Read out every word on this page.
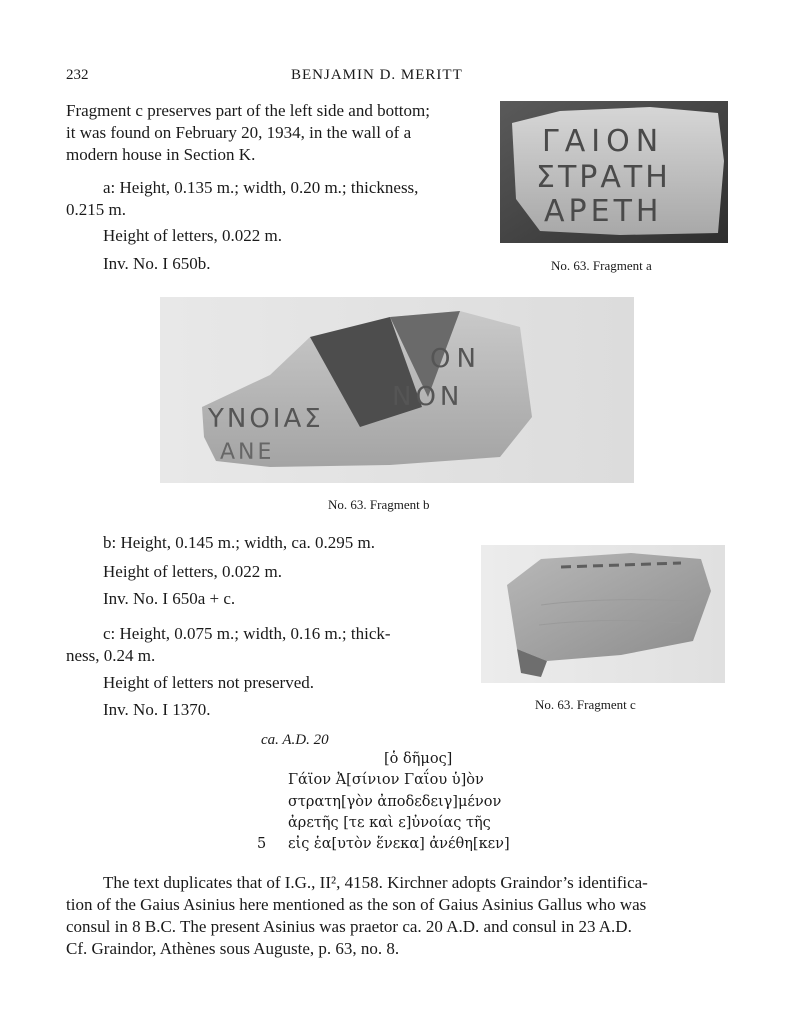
232	BENJAMIN D. MERITT
Fragment c preserves part of the left side and bottom;
it was found on February 20, 1934, in the wall of a
modern house in Section K.
a: Height, 0.135 m.; width, 0.20 m.; thickness,
0.215 m.
Height of letters, 0.022 m.
Inv. No. I 650b.
ΓΑΙΟΝ
ΣΤΡΑΤΗ
ΑΡΕΤΗ
No. 63. Fragment a
ΟΝ
ΝΟΝ
ΥΝΟΙΑΣ
ΑΝΕ
No. 63. Fragment b
b: Height, 0.145 m.; width, ca. 0.295 m.
Height of letters, 0.022 m.
Inv. No. I 650a + c.
c: Height, 0.075 m.; width, 0.16 m.; thick-
ness, 0.24 m.
Height of letters not preserved.
Inv. No. I 1370.	No. 63. Fragment c
ca. A.D. 20
[ὁ δῆμος]
Γάϊον Ἀ[σίνιον Γαΐου ὑ]ὸν
στρατη[γὸν ἀποδεδειγ]μένον
ἀρετῆς [τε καὶ ε]ὐνοίας τῆς
5 εἰς ἑα[υτὸν ἕνεκα] ἀνέθη[κεν]
The text duplicates that of I.G., II², 4158. Kirchner adopts Graindor’s identifica-
tion of the Gaius Asinius here mentioned as the son of Gaius Asinius Gallus who was
consul in 8 B.C. The present Asinius was praetor ca. 20 A.D. and consul in 23 A.D.
Cf. Graindor, Athènes sous Auguste, p. 63, no. 8.
